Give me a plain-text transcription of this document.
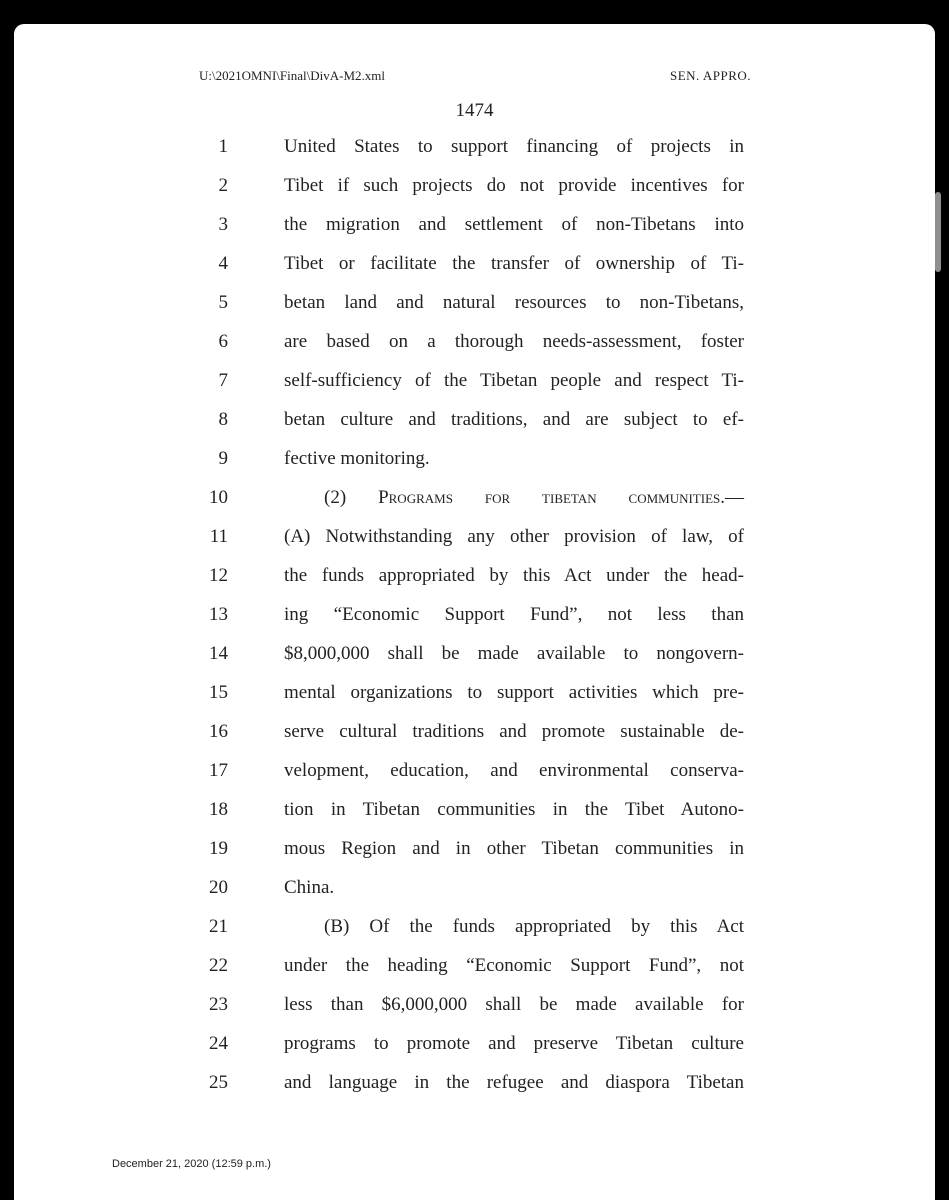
U:\2021OMNI\Final\DivA-M2.xml	SEN. APPRO.
1474
1	United States to support financing of projects in
2	Tibet if such projects do not provide incentives for
3	the migration and settlement of non-Tibetans into
4	Tibet or facilitate the transfer of ownership of Ti-
5	betan land and natural resources to non-Tibetans,
6	are based on a thorough needs-assessment, foster
7	self-sufficiency of the Tibetan people and respect Ti-
8	betan culture and traditions, and are subject to ef-
9	fective monitoring.
10	(2) Programs for tibetan communities.—
11	(A) Notwithstanding any other provision of law, of
12	the funds appropriated by this Act under the head-
13	ing “Economic Support Fund”, not less than
14	$8,000,000 shall be made available to nongovern-
15	mental organizations to support activities which pre-
16	serve cultural traditions and promote sustainable de-
17	velopment, education, and environmental conserva-
18	tion in Tibetan communities in the Tibet Autono-
19	mous Region and in other Tibetan communities in
20	China.
21	(B) Of the funds appropriated by this Act
22	under the heading “Economic Support Fund”, not
23	less than $6,000,000 shall be made available for
24	programs to promote and preserve Tibetan culture
25	and language in the refugee and diaspora Tibetan
December 21, 2020 (12:59 p.m.)
